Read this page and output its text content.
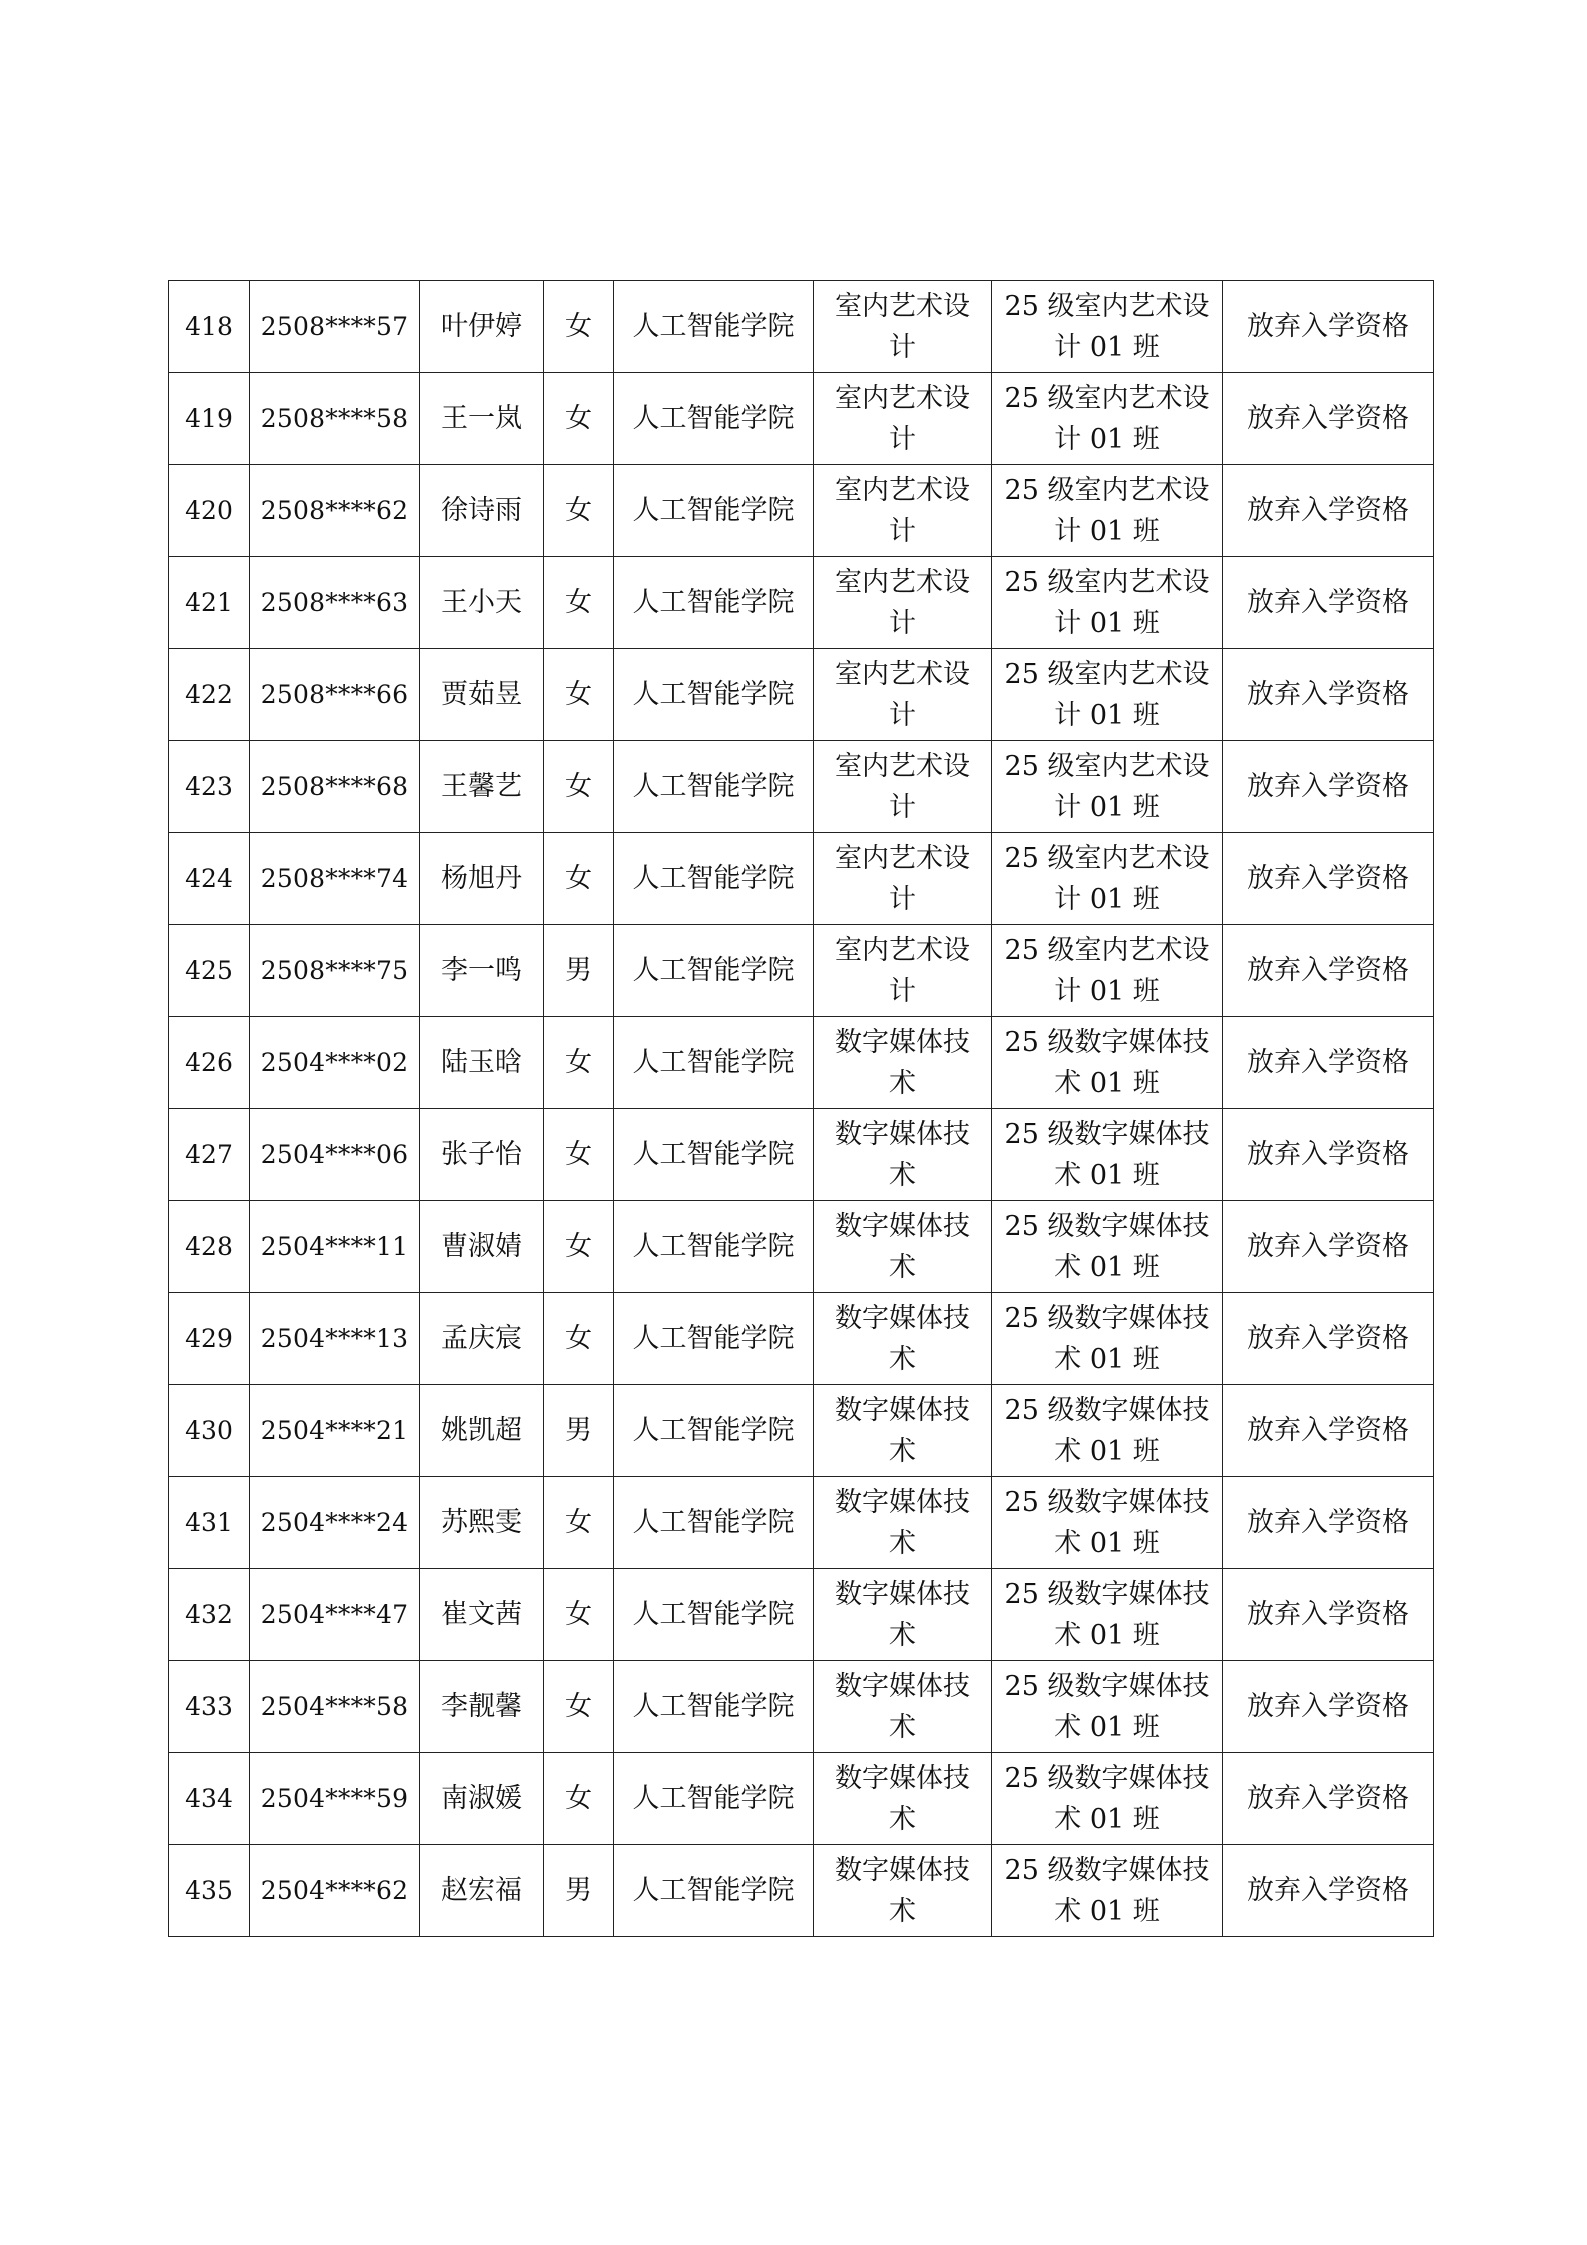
418	2508****57	叶伊婷	女	人工智能学院	室内艺术设计	25 级室内艺术设计 01 班	放弃入学资格
419	2508****58	王一岚	女	人工智能学院	室内艺术设计	25 级室内艺术设计 01 班	放弃入学资格
420	2508****62	徐诗雨	女	人工智能学院	室内艺术设计	25 级室内艺术设计 01 班	放弃入学资格
421	2508****63	王小天	女	人工智能学院	室内艺术设计	25 级室内艺术设计 01 班	放弃入学资格
422	2508****66	贾茹昱	女	人工智能学院	室内艺术设计	25 级室内艺术设计 01 班	放弃入学资格
423	2508****68	王馨艺	女	人工智能学院	室内艺术设计	25 级室内艺术设计 01 班	放弃入学资格
424	2508****74	杨旭丹	女	人工智能学院	室内艺术设计	25 级室内艺术设计 01 班	放弃入学资格
425	2508****75	李一鸣	男	人工智能学院	室内艺术设计	25 级室内艺术设计 01 班	放弃入学资格
426	2504****02	陆玉晗	女	人工智能学院	数字媒体技术	25 级数字媒体技术 01 班	放弃入学资格
427	2504****06	张子怡	女	人工智能学院	数字媒体技术	25 级数字媒体技术 01 班	放弃入学资格
428	2504****11	曹淑婧	女	人工智能学院	数字媒体技术	25 级数字媒体技术 01 班	放弃入学资格
429	2504****13	孟庆宸	女	人工智能学院	数字媒体技术	25 级数字媒体技术 01 班	放弃入学资格
430	2504****21	姚凯超	男	人工智能学院	数字媒体技术	25 级数字媒体技术 01 班	放弃入学资格
431	2504****24	苏熙雯	女	人工智能学院	数字媒体技术	25 级数字媒体技术 01 班	放弃入学资格
432	2504****47	崔文茜	女	人工智能学院	数字媒体技术	25 级数字媒体技术 01 班	放弃入学资格
433	2504****58	李靓馨	女	人工智能学院	数字媒体技术	25 级数字媒体技术 01 班	放弃入学资格
434	2504****59	南淑媛	女	人工智能学院	数字媒体技术	25 级数字媒体技术 01 班	放弃入学资格
435	2504****62	赵宏福	男	人工智能学院	数字媒体技术	25 级数字媒体技术 01 班	放弃入学资格
